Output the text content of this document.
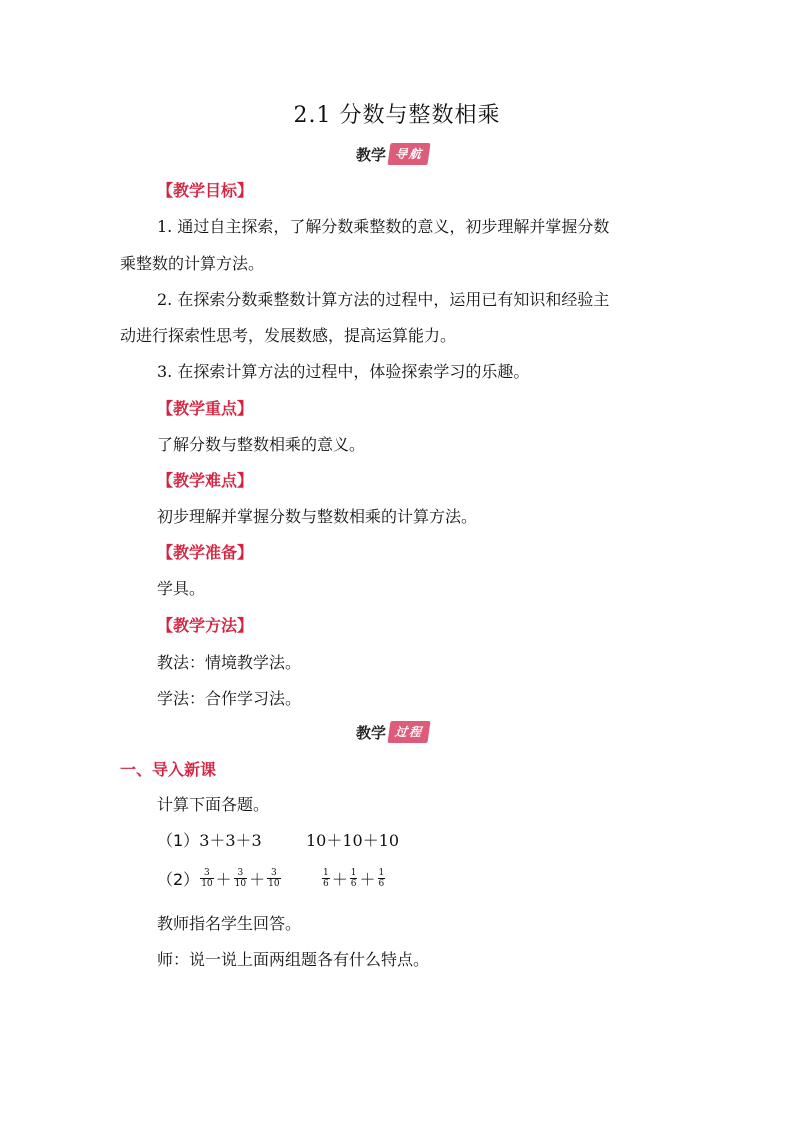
2.1 分数与整数相乘
教学 导航
【教学目标】
1. 通过自主探索，了解分数乘整数的意义，初步理解并掌握分数
乘整数的计算方法。
2. 在探索分数乘整数计算方法的过程中，运用已有知识和经验主
动进行探索性思考，发展数感，提高运算能力。
3. 在探索计算方法的过程中，体验探索学习的乐趣。
【教学重点】
了解分数与整数相乘的意义。
【教学难点】
初步理解并掌握分数与整数相乘的计算方法。
【教学准备】
学具。
【教学方法】
教法：情境教学法。
学法：合作学习法。
教学 过程
一、导入新课
计算下面各题。
（1）3＋3＋3	10＋10＋10
$(2) \frac{3}{10} + \frac{3}{10} + \frac{3}{10}$	$\frac{1}{6} + \frac{1}{6} + \frac{1}{6}$
教师指名学生回答。
师：说一说上面两组题各有什么特点。
